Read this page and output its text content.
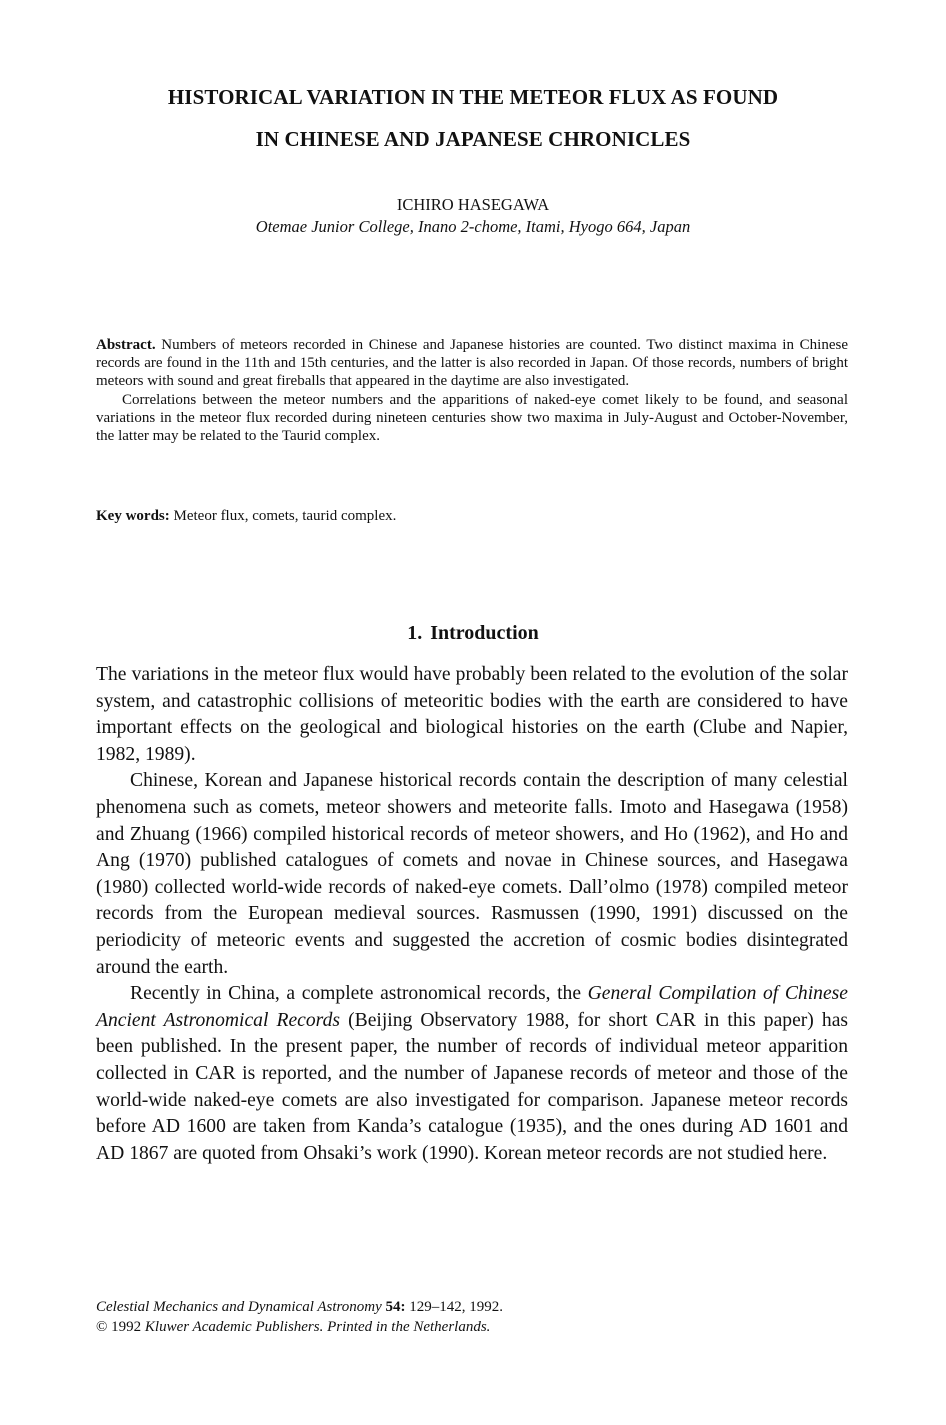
HISTORICAL VARIATION IN THE METEOR FLUX AS FOUND
IN CHINESE AND JAPANESE CHRONICLES
ICHIRO HASEGAWA
Otemae Junior College, Inano 2-chome, Itami, Hyogo 664, Japan

Abstract. Numbers of meteors recorded in Chinese and Japanese histories are counted. Two distinct maxima in Chinese records are found in the 11th and 15th centuries, and the latter is also recorded in Japan. Of those records, numbers of bright meteors with sound and great fireballs that appeared in the daytime are also investigated.

Correlations between the meteor numbers and the apparitions of naked-eye comet likely to be found, and seasonal variations in the meteor flux recorded during nineteen centuries show two maxima in July-August and October-November, the latter may be related to the Taurid complex.

Key words: Meteor flux, comets, taurid complex.
1. Introduction

The variations in the meteor flux would have probably been related to the evolution of the solar system, and catastrophic collisions of meteoritic bodies with the earth are considered to have important effects on the geological and biological histories on the earth (Clube and Napier, 1982, 1989).

Chinese, Korean and Japanese historical records contain the description of many celestial phenomena such as comets, meteor showers and meteorite falls. Imoto and Hasegawa (1958) and Zhuang (1966) compiled historical records of meteor showers, and Ho (1962), and Ho and Ang (1970) published catalogues of comets and novae in Chinese sources, and Hasegawa (1980) collected world-wide records of naked-eye comets. Dall’olmo (1978) compiled meteor records from the European medieval sources. Rasmussen (1990, 1991) discussed on the periodicity of meteoric events and suggested the accretion of cosmic bodies disintegrated around the earth.

Recently in China, a complete astronomical records, the General Compilation of Chinese Ancient Astronomical Records (Beijing Observatory 1988, for short CAR in this paper) has been published. In the present paper, the number of records of individual meteor apparition collected in CAR is reported, and the number of Japanese records of meteor and those of the world-wide naked-eye comets are also investigated for comparison. Japanese meteor records before AD 1600 are taken from Kanda’s catalogue (1935), and the ones during AD 1601 and AD 1867 are quoted from Ohsaki’s work (1990). Korean meteor records are not studied here.

Celestial Mechanics and Dynamical Astronomy 54: 129–142, 1992.
© 1992 Kluwer Academic Publishers. Printed in the Netherlands.
